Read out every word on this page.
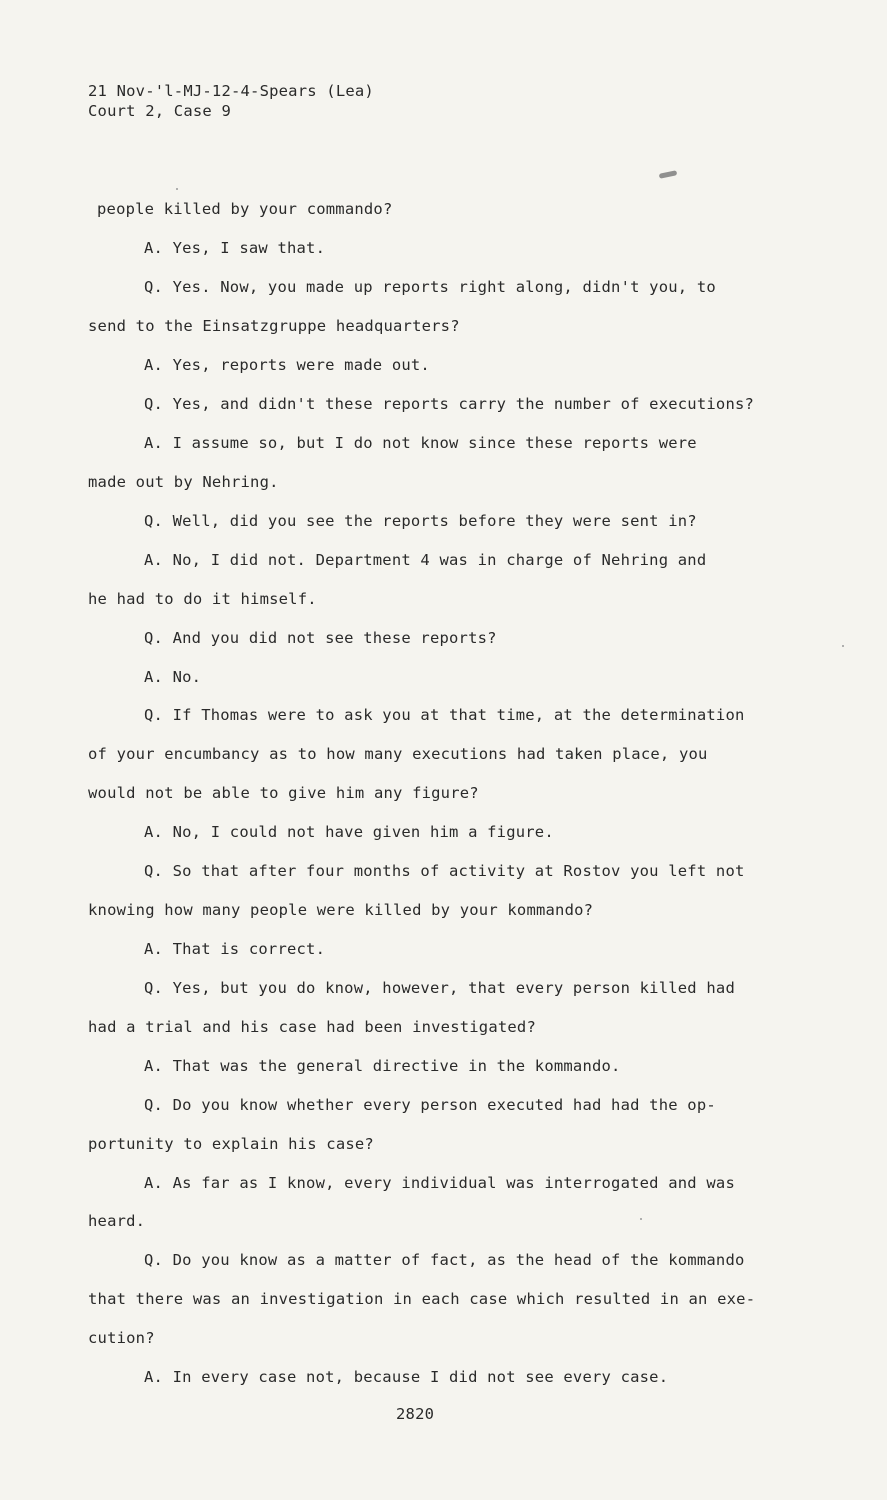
21 Nov-'l-MJ-12-4-Spears (Lea)
Court 2, Case 9
people killed by your commando?
A. Yes, I saw that.
Q. Yes. Now, you made up reports right along, didn't you, to
send to the Einsatzgruppe headquarters?
A. Yes, reports were made out.
Q. Yes, and didn't these reports carry the number of executions?
A. I assume so, but I do not know since these reports were
made out by Nehring.
Q. Well, did you see the reports before they were sent in?
A. No, I did not. Department 4 was in charge of Nehring and
he had to do it himself.
Q. And you did not see these reports?
A. No.
Q. If Thomas were to ask you at that time, at the determination
of your encumbancy as to how many executions had taken place, you
would not be able to give him any figure?
A. No, I could not have given him a figure.
Q. So that after four months of activity at Rostov you left not
knowing how many people were killed by your kommando?
A. That is correct.
Q. Yes, but you do know, however, that every person killed had
had a trial and his case had been investigated?
A. That was the general directive in the kommando.
Q. Do you know whether every person executed had had the op-
portunity to explain his case?
A. As far as I know, every individual was interrogated and was
heard.
Q. Do you know as a matter of fact, as the head of the kommando
that there was an investigation in each case which resulted in an exe-
cution?
A. In every case not, because I did not see every case.
2820
